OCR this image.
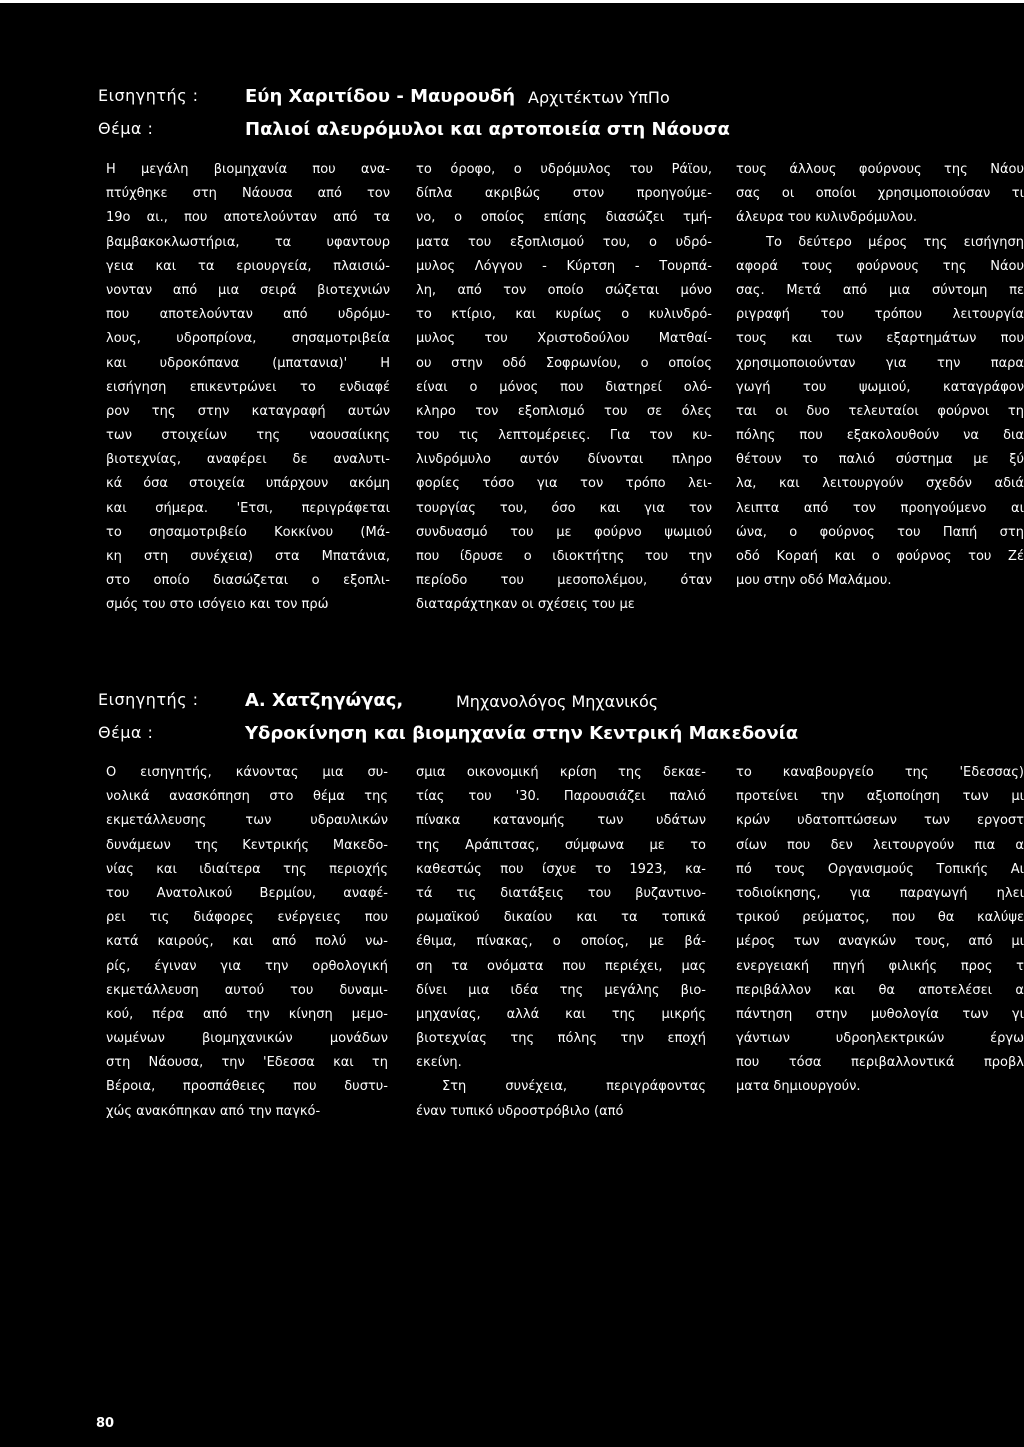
Εισηγητής :	Εύη Χαριτίδου - Μαυρουδή Αρχιτέκτων ΥπΠο
Θέμα :	Παλιοί αλευρόμυλοι και αρτοποιεία στη Νάουσα
Η μεγάλη βιομηχανία που ανα-
πτύχθηκε στη Νάουσα από τον
19ο αι., που αποτελούνταν από τα
βαμβακοκλωστήρια, τα υφαντουρ
γεια και τα εριουργεία, πλαισιώ-
νονταν από μια σειρά βιοτεχνιών
που αποτελούνταν από υδρόμυ-
λους, υδροπρίονα, σησαμοτριβεία
και υδροκόπανα (μπατανια)' Η
εισήγηση επικεντρώνει το ενδιαφέ
ρον της στην καταγραφή αυτών
των στοιχείων της ναουσαίικης
βιοτεχνίας, αναφέρει δε αναλυτι-
κά όσα στοιχεία υπάρχουν ακόμη
και σήμερα. 'Ετσι, περιγράφεται
το σησαμοτριβείο Κοκκίνου (Μά-
κη στη συνέχεια) στα Μπατάνια,
στο οποίο διασώζεται ο εξοπλι-
σμός του στο ισόγειο και τον πρώ
το όροφο, ο υδρόμυλος του Ράϊου,
δίπλα ακριβώς στον προηγούμε-
νο, ο οποίος επίσης διασώζει τμή-
ματα του εξοπλισμού του, ο υδρό-
μυλος Λόγγου - Κύρτση - Τουρπά-
λη, από τον οποίο σώζεται μόνο
το κτίριο, και κυρίως ο κυλινδρό-
μυλος του Χριστοδούλου Ματθαί-
ου στην οδό Σοφρωνίου, ο οποίος
είναι ο μόνος που διατηρεί ολό-
κληρο τον εξοπλισμό του σε όλες
του τις λεπτομέρειες. Για τον κυ-
λινδρόμυλο αυτόν δίνονται πληρο
φορίες τόσο για τον τρόπο λει-
τουργίας του, όσο και για τον
συνδυασμό του με φούρνο ψωμιού
που ίδρυσε ο ιδιοκτήτης του την
περίοδο του μεσοπολέμου, όταν
διαταράχτηκαν οι σχέσεις του με
τους άλλους φούρνους της Νάου
σας οι οποίοι χρησιμοποιούσαν τι
άλευρα του κυλινδρόμυλου.
Το δεύτερο μέρος της εισήγηση
αφορά τους φούρνους της Νάου
σας. Μετά από μια σύντομη πε
ριγραφή του τρόπου λειτουργία
τους και των εξαρτημάτων που
χρησιμοποιούνταν για την παρα
γωγή του ψωμιού, καταγράφον
ται οι δυο τελευταίοι φούρνοι τη
πόλης που εξακολουθούν να δια
θέτουν το παλιό σύστημα με ξύ
λα, και λειτουργούν σχεδόν αδιά
λειπτα από τον προηγούμενο αι
ώνα, ο φούρνος του Παπή στη
οδό Κοραή και ο φούρνος του Ζέ
μου στην οδό Μαλάμου.
Εισηγητής :	Α. Χατζηγώγας,	Μηχανολόγος Μηχανικός
Θέμα :	Υδροκίνηση και βιομηχανία στην Κεντρική Μακεδονία
Ο εισηγητής, κάνοντας μια συ-
νολικά ανασκόπηση στο θέμα της
εκμετάλλευσης των υδραυλικών
δυνάμεων της Κεντρικής Μακεδο-
νίας και ιδιαίτερα της περιοχής
του Ανατολικού Βερμίου, αναφέ-
ρει τις διάφορες ενέργειες που
κατά καιρούς, και από πολύ νω-
ρίς, έγιναν για την ορθολογική
εκμετάλλευση αυτού του δυναμι-
κού, πέρα από την κίνηση μεμο-
νωμένων βιομηχανικών μονάδων
στη Νάουσα, την 'Εδεσσα και τη
Βέροια, προσπάθειες που δυστυ-
χώς ανακόπηκαν από την παγκό-
σμια οικονομική κρίση της δεκαε-
τίας του '30. Παρουσιάζει παλιό
πίνακα κατανομής των υδάτων
της Αράπιτσας, σύμφωνα με το
καθεστώς που ίσχυε το 1923, κα-
τά τις διατάξεις του βυζαντινο-
ρωμαϊκού δικαίου και τα τοπικά
έθιμα, πίνακας, ο οποίος, με βά-
ση τα ονόματα που περιέχει, μας
δίνει μια ιδέα της μεγάλης βιο-
μηχανίας, αλλά και της μικρής
βιοτεχνίας της πόλης την εποχή
εκείνη.
Στη συνέχεια, περιγράφοντας
έναν τυπικό υδροστρόβιλο (από
το καναβουργείο της 'Εδεσσας)
προτείνει την αξιοποίηση των μι
κρών υδατοπτώσεων των εργοστ
σίων που δεν λειτουργούν πια α
πό τους Οργανισμούς Τοπικής Αι
τοδιοίκησης, για παραγωγή ηλει
τρικού ρεύματος, που θα καλύψε
μέρος των αναγκών τους, από μι
ενεργειακή πηγή φιλικής προς τ
περιβάλλον και θα αποτελέσει α
πάντηση στην μυθολογία των γι
γάντιων υδροηλεκτρικών έργω
που τόσα περιβαλλοντικά προβλ
ματα δημιουργούν.
80
